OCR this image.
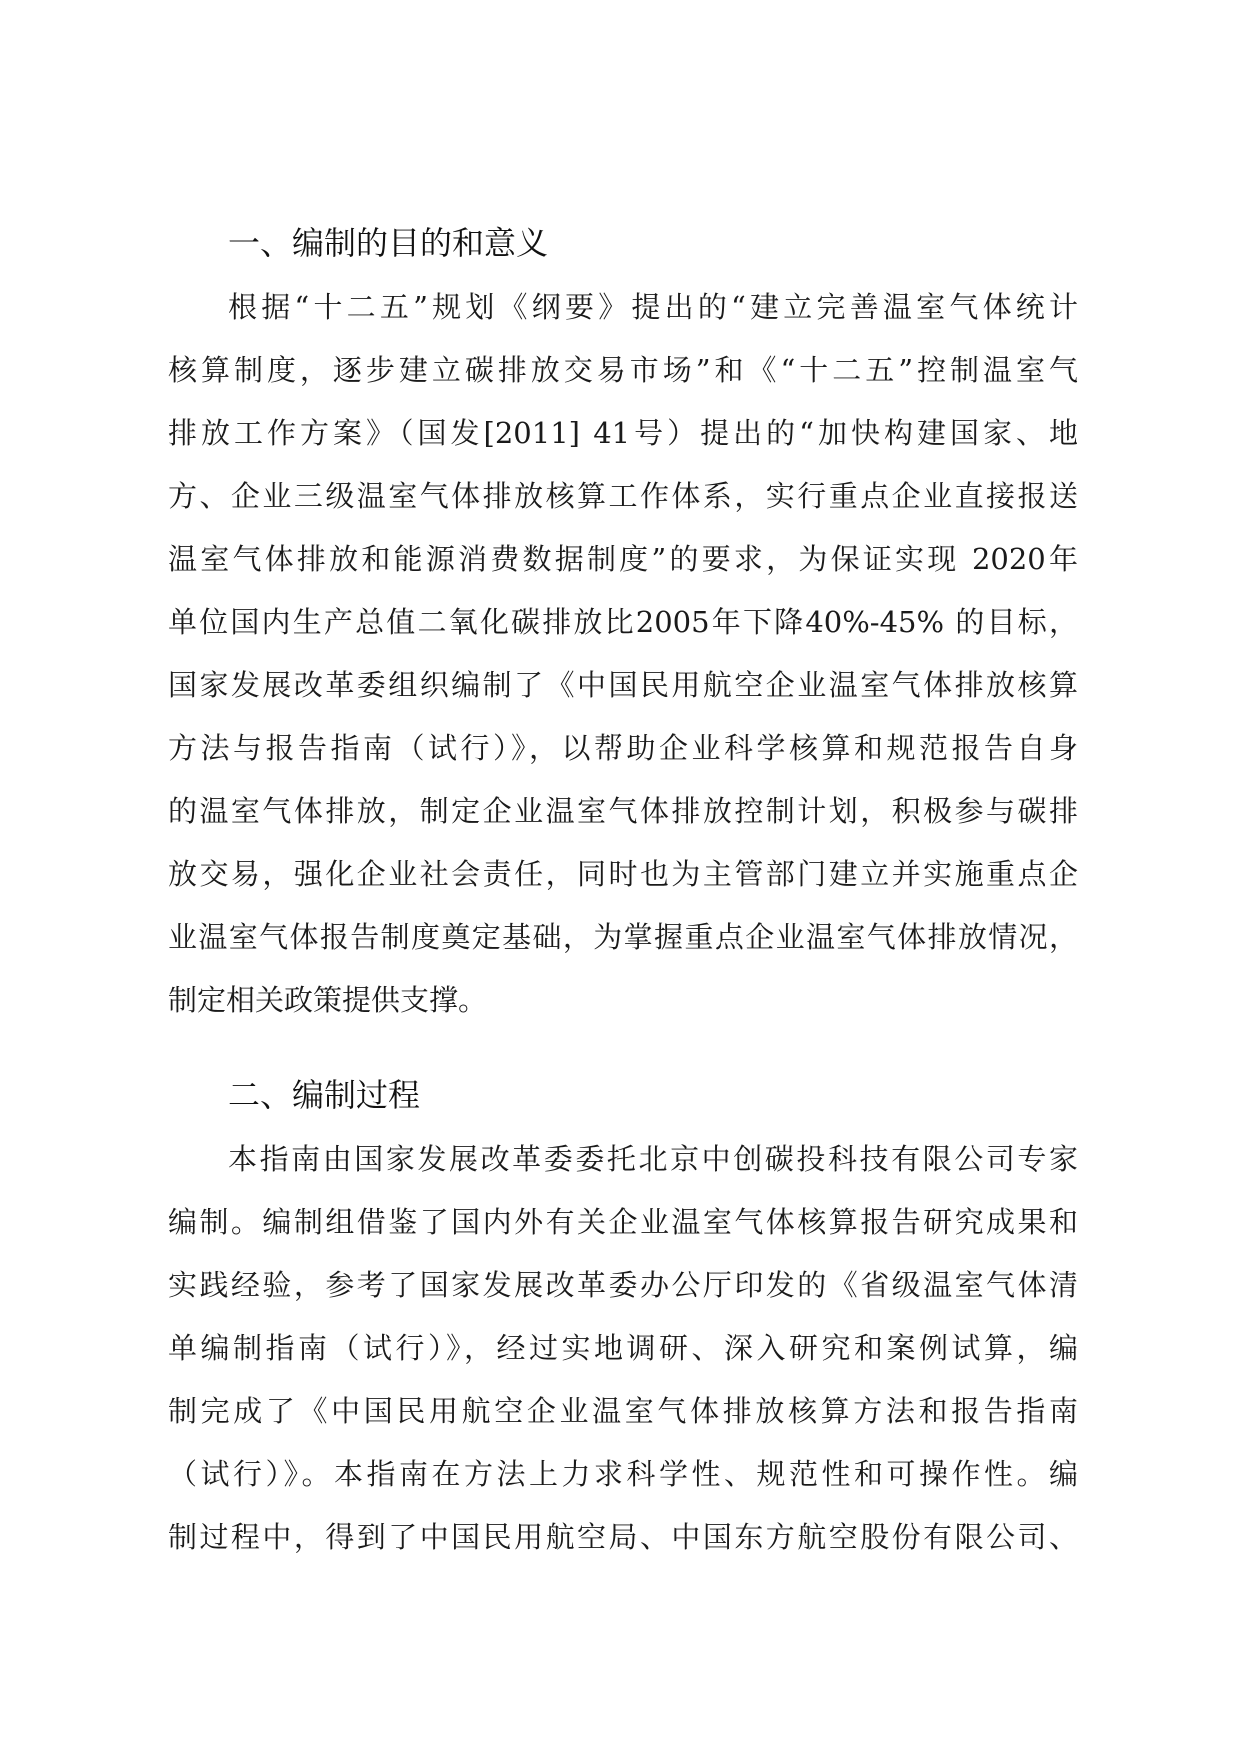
一、编制的目的和意义
根据“十二五”规划《纲要》提出的“建立完善温室气体统计
核算制度，逐步建立碳排放交易市场”和《“十二五”控制温室气
排放工作方案》（国发[2011] 41号）提出的“加快构建国家、地
方、企业三级温室气体排放核算工作体系，实行重点企业直接报送
温室气体排放和能源消费数据制度”的要求，为保证实现 2020年
单位国内生产总值二氧化碳排放比2005年下降40%-45% 的目标，
国家发展改革委组织编制了《中国民用航空企业温室气体排放核算
方法与报告指南（试行）》，以帮助企业科学核算和规范报告自身
的温室气体排放，制定企业温室气体排放控制计划，积极参与碳排
放交易，强化企业社会责任，同时也为主管部门建立并实施重点企
业温室气体报告制度奠定基础，为掌握重点企业温室气体排放情况，
制定相关政策提供支撑。
二、编制过程
本指南由国家发展改革委委托北京中创碳投科技有限公司专家
编制。编制组借鉴了国内外有关企业温室气体核算报告研究成果和
实践经验，参考了国家发展改革委办公厅印发的《省级温室气体清
单编制指南（试行）》，经过实地调研、深入研究和案例试算，编
制完成了《中国民用航空企业温室气体排放核算方法和报告指南
（试行）》。本指南在方法上力求科学性、规范性和可操作性。编
制过程中，得到了中国民用航空局、中国东方航空股份有限公司、
